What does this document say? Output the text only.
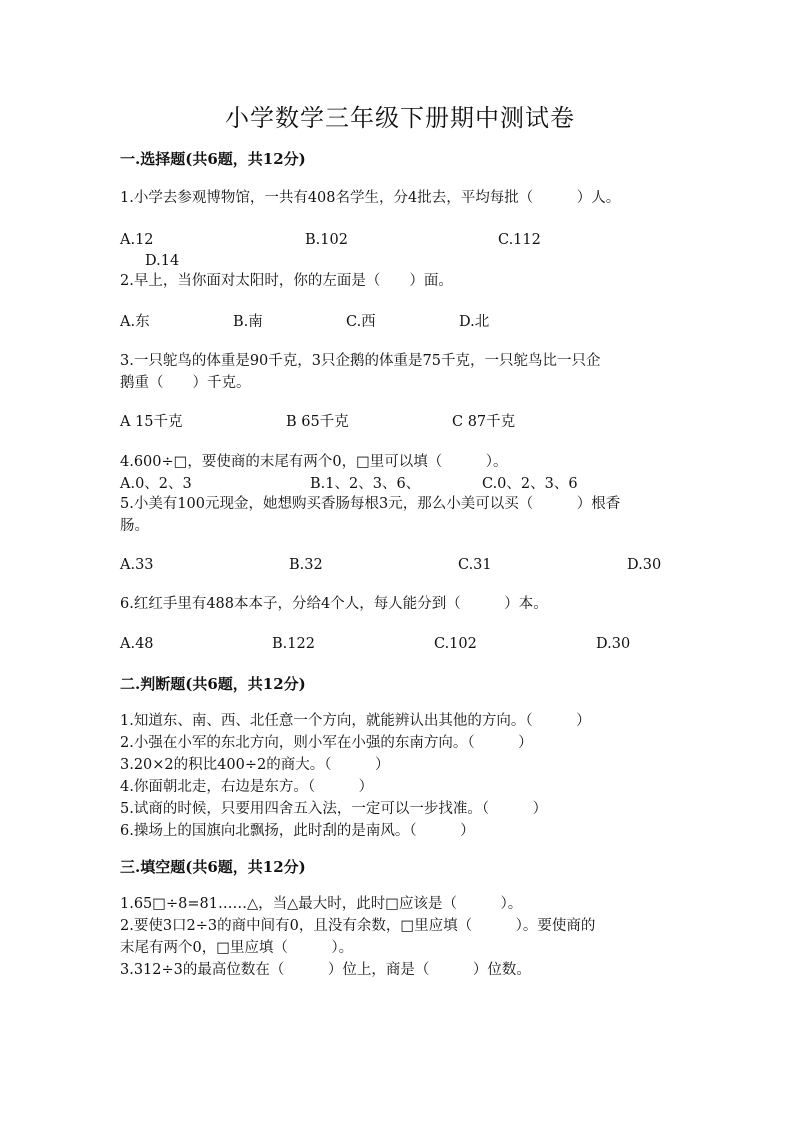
小学数学三年级下册期中测试卷
一.选择题(共6题，共12分)
1.小学去参观博物馆，一共有408名学生，分4批去，平均每批（　　　）人。
A.12	B.102	C.112
D.14
2.早上，当你面对太阳时，你的左面是（　　）面。
A.东	B.南	C.西	D.北
3.一只鸵鸟的体重是90千克，3只企鹅的体重是75千克，一只鸵鸟比一只企
鹅重（　　）千克。
A 15千克	B 65千克	C 87千克
4.600÷□，要使商的末尾有两个0，□里可以填（　　　）。
A.0、2、3	B.1、2、3、6、	C.0、2、3、6
5.小美有100元现金，她想购买香肠每根3元，那么小美可以买（　　　）根香
肠。
A.33	B.32	C.31	D.30
6.红红手里有488本本子，分给4个人，每人能分到（　　　）本。
A.48	B.122	C.102	D.30
二.判断题(共6题，共12分)
1.知道东、南、西、北任意一个方向，就能辨认出其他的方向。（　　　）
2.小强在小军的东北方向，则小军在小强的东南方向。（　　　）
3.20×2的积比400÷2的商大。（　　　）
4.你面朝北走，右边是东方。（　　　）
5.试商的时候，只要用四舍五入法，一定可以一步找准。（　　　）
6.操场上的国旗向北飘扬，此时刮的是南风。（　　　）
三.填空题(共6题，共12分)
1.65□÷8=81……△，当△最大时，此时□应该是（　　　）。
2.要使3口2÷3的商中间有0，且没有余数，□里应填（　　　）。要使商的
末尾有两个0，□里应填（　　　）。
3.312÷3的最高位数在（　　　）位上，商是（　　　）位数。
